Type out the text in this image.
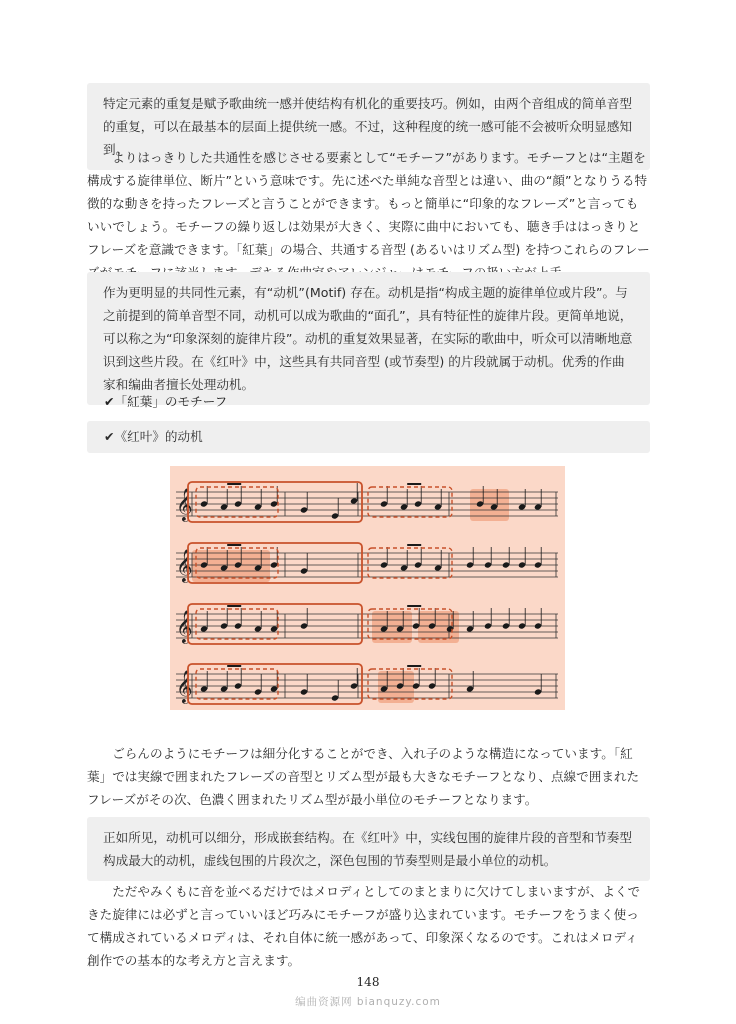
特定元素的重复是赋予歌曲统一感并使结构有机化的重要技巧。例如，由两个音组成的简单音型的重复，可以在最基本的层面上提供统一感。不过，这种程度的统一感可能不会被听众明显感知到。

よりはっきりした共通性を感じさせる要素として“モチーフ”があります。モチーフとは“主題を構成する旋律単位、断片”という意味です。先に述べた単純な音型とは違い、曲の“顔”となりうる特徴的な動きを持ったフレーズと言うことができます。もっと簡単に“印象的なフレーズ”と言ってもいいでしょう。モチーフの繰り返しは効果が大きく、実際に曲中においても、聴き手ははっきりとフレーズを意識できます。「紅葉」の場合、共通する音型 (あるいはリズム型) を持つこれらのフレー

作为更明显的共同性元素，有“动机”(Motif) 存在。动机是指“构成主题的旋律单位或片段”。与之前提到的简单音型不同，动机可以成为歌曲的“面孔”，具有特征性的旋律片段。更简单地说，可以称之为“印象深刻的旋律片段”。动机的重复效果显著，在实际的歌曲中，听众可以清晰地意识到这些片段。在《红叶》中，这些具有共同音型 (或节奏型) 的片段就属于动机。优秀的作曲家和编曲者擅长处理动机。
✔「紅葉」のモチーフ
✔《红叶》的动机
𝄞
𝄞
𝄞
𝄞

ごらんのようにモチーフは細分化することができ、入れ子のような構造になっています。「紅葉」では実線で囲まれたフレーズの音型とリズム型が最も大きなモチーフとなり、点線で囲まれたフレーズがその次、色濃く囲まれたリズム型が最小単位のモチーフとなります。

正如所见，动机可以细分，形成嵌套结构。在《红叶》中，实线包围的旋律片段的音型和节奏型构成最大的动机，虚线包围的片段次之，深色包围的节奏型则是最小单位的动机。

ただやみくもに音を並べるだけではメロディとしてのまとまりに欠けてしまいますが、よくできた旋律には必ずと言っていいほど巧みにモチーフが盛り込まれています。モチーフをうまく使って構成されているメロディは、それ自体に統一感があって、印象深くなるのです。これはメロディ創作での基本的な考え方と言えます。

148
编曲资源网 bianquzy.com
